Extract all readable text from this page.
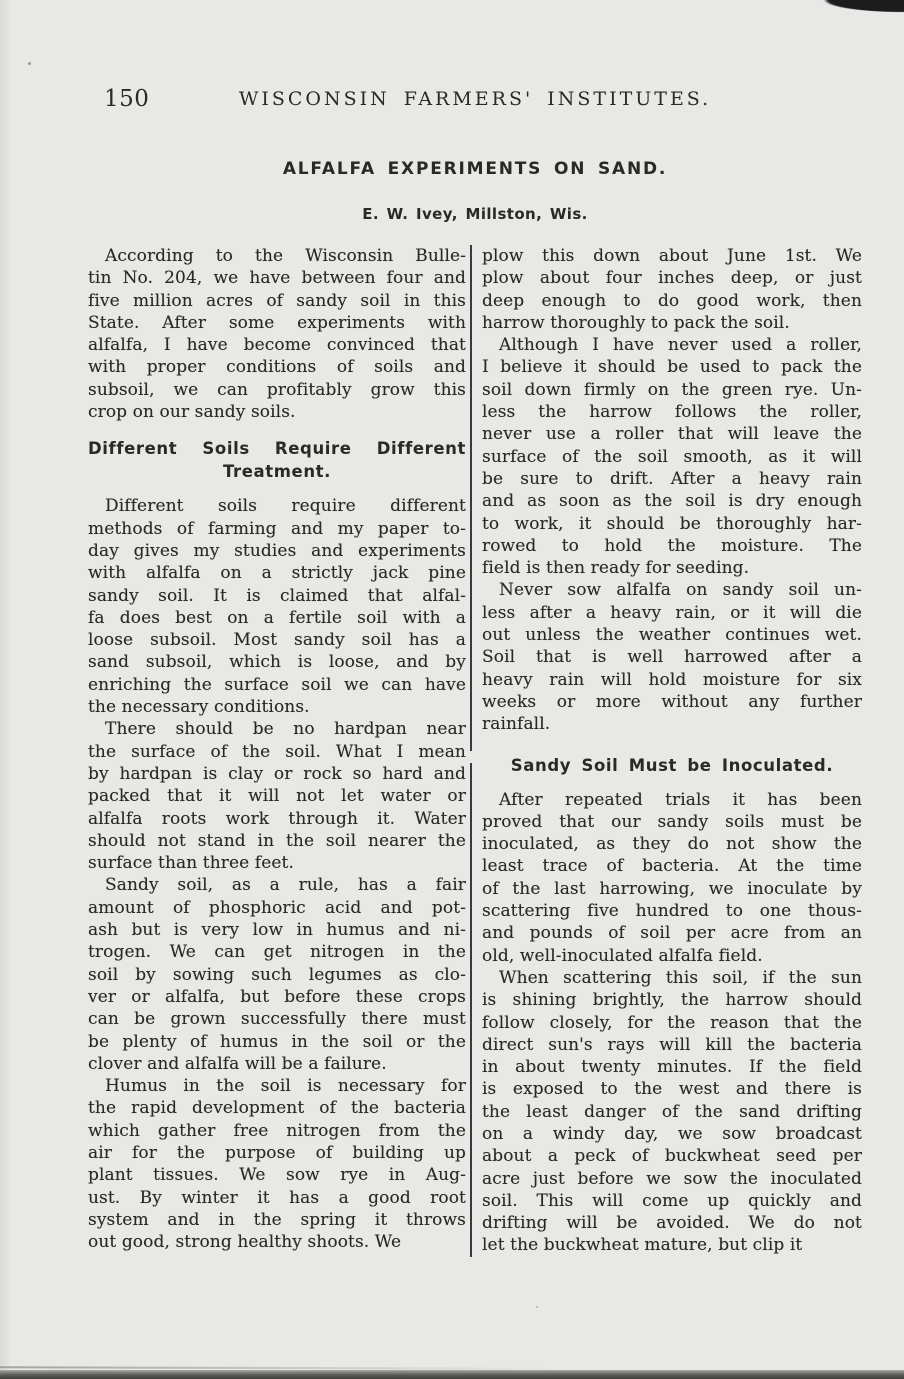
150	WISCONSIN FARMERS' INSTITUTES.
ALFALFA EXPERIMENTS ON SAND.
E. W. Ivey, Millston, Wis.
According to the Wisconsin Bulle-
tin No. 204, we have between four and
five million acres of sandy soil in this
State. After some experiments with
alfalfa, I have become convinced that
with proper conditions of soils and
subsoil, we can profitably grow this
crop on our sandy soils.
Different Soils Require Different
Treatment.
Different soils require different
methods of farming and my paper to-
day gives my studies and experiments
with alfalfa on a strictly jack pine
sandy soil. It is claimed that alfal-
fa does best on a fertile soil with a
loose subsoil. Most sandy soil has a
sand subsoil, which is loose, and by
enriching the surface soil we can have
the necessary conditions.
There should be no hardpan near
the surface of the soil. What I mean
by hardpan is clay or rock so hard and
packed that it will not let water or
alfalfa roots work through it. Water
should not stand in the soil nearer the
surface than three feet.
Sandy soil, as a rule, has a fair
amount of phosphoric acid and pot-
ash but is very low in humus and ni-
trogen. We can get nitrogen in the
soil by sowing such legumes as clo-
ver or alfalfa, but before these crops
can be grown successfully there must
be plenty of humus in the soil or the
clover and alfalfa will be a failure.
Humus in the soil is necessary for
the rapid development of the bacteria
which gather free nitrogen from the
air for the purpose of building up
plant tissues. We sow rye in Aug-
ust. By winter it has a good root
system and in the spring it throws
out good, strong healthy shoots. We
plow this down about June 1st. We
plow about four inches deep, or just
deep enough to do good work, then
harrow thoroughly to pack the soil.
Although I have never used a roller,
I believe it should be used to pack the
soil down firmly on the green rye. Un-
less the harrow follows the roller,
never use a roller that will leave the
surface of the soil smooth, as it will
be sure to drift. After a heavy rain
and as soon as the soil is dry enough
to work, it should be thoroughly har-
rowed to hold the moisture. The
field is then ready for seeding.
Never sow alfalfa on sandy soil un-
less after a heavy rain, or it will die
out unless the weather continues wet.
Soil that is well harrowed after a
heavy rain will hold moisture for six
weeks or more without any further
rainfall.
Sandy Soil Must be Inoculated.
After repeated trials it has been
proved that our sandy soils must be
inoculated, as they do not show the
least trace of bacteria. At the time
of the last harrowing, we inoculate by
scattering five hundred to one thous-
and pounds of soil per acre from an
old, well-inoculated alfalfa field.
When scattering this soil, if the sun
is shining brightly, the harrow should
follow closely, for the reason that the
direct sun's rays will kill the bacteria
in about twenty minutes. If the field
is exposed to the west and there is
the least danger of the sand drifting
on a windy day, we sow broadcast
about a peck of buckwheat seed per
acre just before we sow the inoculated
soil. This will come up quickly and
drifting will be avoided. We do not
let the buckwheat mature, but clip it
